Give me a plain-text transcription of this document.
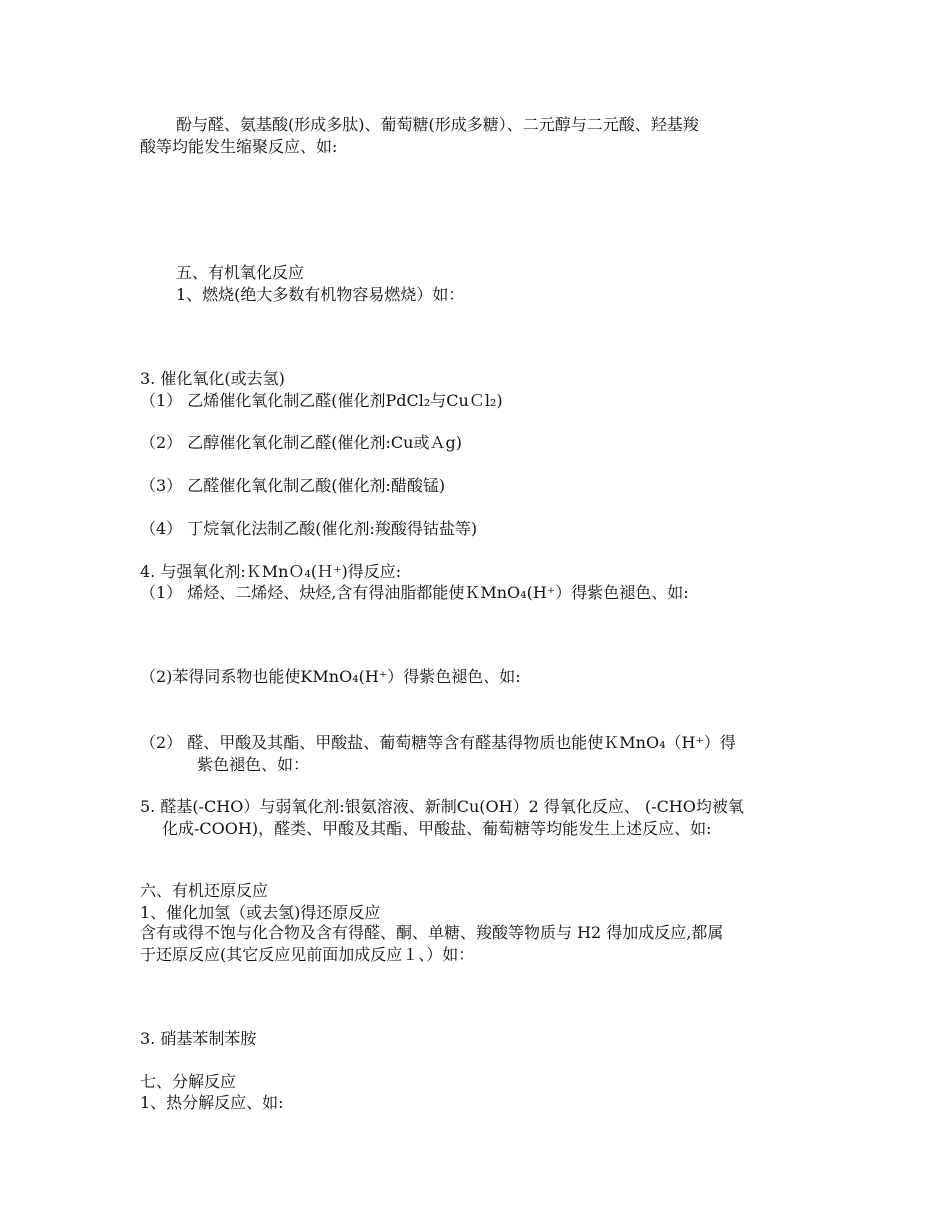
酚与醛、氨基酸(形成多肽)、葡萄糖(形成多糖）、二元醇与二元酸、羟基羧
酸等均能发生缩聚反应、如:
五、有机氧化反应
1、燃烧(绝大多数有机物容易燃烧）如：
3. 催化氧化(或去氢)
（1） 乙烯催化氧化制乙醛(催化剂PdCl₂与CuＣl₂)
（2） 乙醇催化氧化制乙醛(催化剂:Cu或Ａg)
（3） 乙醛催化氧化制乙酸(催化剂:醋酸锰)
（4） 丁烷氧化法制乙酸(催化剂:羧酸得钴盐等)
4. 与强氧化剂:ＫMnＯ₄(Ｈ⁺)得反应:
（1） 烯烃、二烯烃、炔烃,含有得油脂都能使ＫMnO₄(H⁺）得紫色褪色、如:
（2)苯得同系物也能使KMnO₄(H⁺）得紫色褪色、如:
（2） 醛、甲酸及其酯、甲酸盐、葡萄糖等含有醛基得物质也能使ＫMnO₄（H⁺）得
紫色褪色、如：
5. 醛基(-CHO）与弱氧化剂:银氨溶液、新制Cu(OH）2 得氧化反应、 (-CHO均被氧
化成-COOH)，醛类、甲酸及其酯、甲酸盐、葡萄糖等均能发生上述反应、如:
六、有机还原反应
1、催化加氢（或去氢)得还原反应
含有或得不饱与化合物及含有得醛、酮、单糖、羧酸等物质与 H2 得加成反应,都属
于还原反应(其它反应见前面加成反应１、）如：
3. 硝基苯制苯胺
七、分解反应
1、热分解反应、如:
